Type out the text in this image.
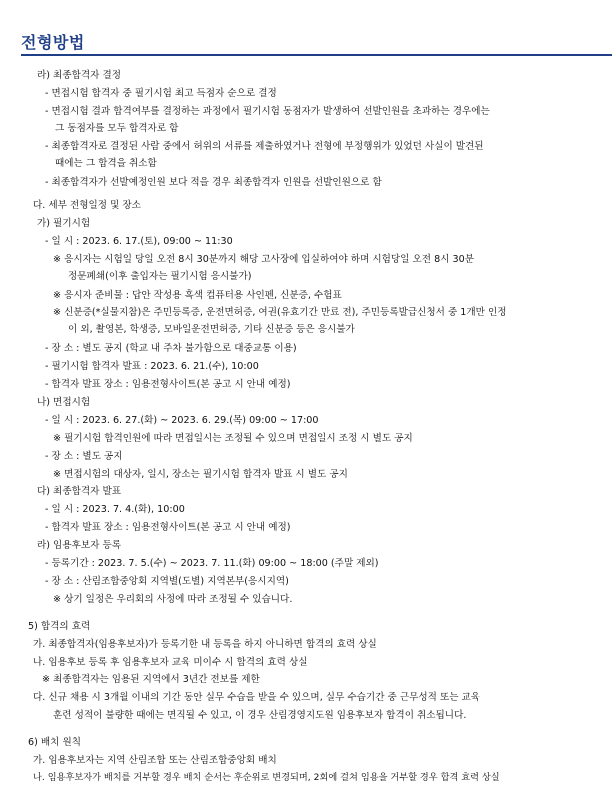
전형방법
라) 최종합격자 결정
- 면접시험 합격자 중 필기시험 최고 득점자 순으로 결정
- 면접시험 결과 합격여부를 결정하는 과정에서 필기시험 동점자가 발생하여 선발인원을 초과하는 경우에는
그 동점자를 모두 합격자로 함
- 최종합격자로 결정된 사람 중에서 허위의 서류를 제출하였거나 전형에 부정행위가 있었던 사실이 발견된
때에는 그 합격을 취소함
- 최종합격자가 선발예정인원 보다 적을 경우 최종합격자 인원을 선발인원으로 함
다. 세부 전형일정 및 장소
가) 필기시험
- 일 시 : 2023. 6. 17.(토), 09:00 ~ 11:30
※ 응시자는 시험일 당일 오전 8시 30분까지 해당 고사장에 입실하여야 하며 시험당일 오전 8시 30분
정문폐쇄(이후 출입자는 필기시험 응시불가)
※ 응시자 준비물 : 답안 작성용 흑색 컴퓨터용 사인펜, 신분증, 수험표
※ 신분증(*실물지참)은 주민등록증, 운전면허증, 여권(유효기간 만료 전), 주민등록발급신청서 중 1개만 인정
이 외, 촬영본, 학생증, 모바일운전면허증, 기타 신분증 등은 응시불가
- 장 소 : 별도 공지 (학교 내 주차 불가함으로 대중교통 이용)
- 필기시험 합격자 발표 : 2023. 6. 21.(수), 10:00
- 합격자 발표 장소 : 임용전형사이트(본 공고 시 안내 예정)
나) 면접시험
- 일 시 : 2023. 6. 27.(화) ~ 2023. 6. 29.(목) 09:00 ~ 17:00
※ 필기시험 합격인원에 따라 면접일시는 조정될 수 있으며 면접일시 조정 시 별도 공지
- 장 소 : 별도 공지
※ 면접시험의 대상자, 일시, 장소는 필기시험 합격자 발표 시 별도 공지
다) 최종합격자 발표
- 일 시 : 2023. 7. 4.(화), 10:00
- 합격자 발표 장소 : 임용전형사이트(본 공고 시 안내 예정)
라) 임용후보자 등록
- 등록기간 : 2023. 7. 5.(수) ~ 2023. 7. 11.(화) 09:00 ~ 18:00 (주말 제외)
- 장 소 : 산림조합중앙회 지역별(도별) 지역본부(응시지역)
※ 상기 일정은 우리회의 사정에 따라 조정될 수 있습니다.
5) 합격의 효력
가. 최종합격자(임용후보자)가 등록기한 내 등록을 하지 아니하면 합격의 효력 상실
나. 임용후보 등록 후 임용후보자 교육 미이수 시 합격의 효력 상실
※ 최종합격자는 임용된 지역에서 3년간 전보를 제한
다. 신규 채용 시 3개월 이내의 기간 동안 실무 수습을 받을 수 있으며, 실무 수습기간 중 근무성적 또는 교육
훈련 성적이 불량한 때에는 면직될 수 있고, 이 경우 산림경영지도원 임용후보자 합격이 취소됩니다.
6) 배치 원칙
가. 임용후보자는 지역 산림조합 또는 산림조합중앙회 배치
나. 임용후보자가 배치를 거부할 경우 배치 순서는 후순위로 변경되며, 2회에 걸쳐 임용을 거부할 경우 합격 효력 상실
